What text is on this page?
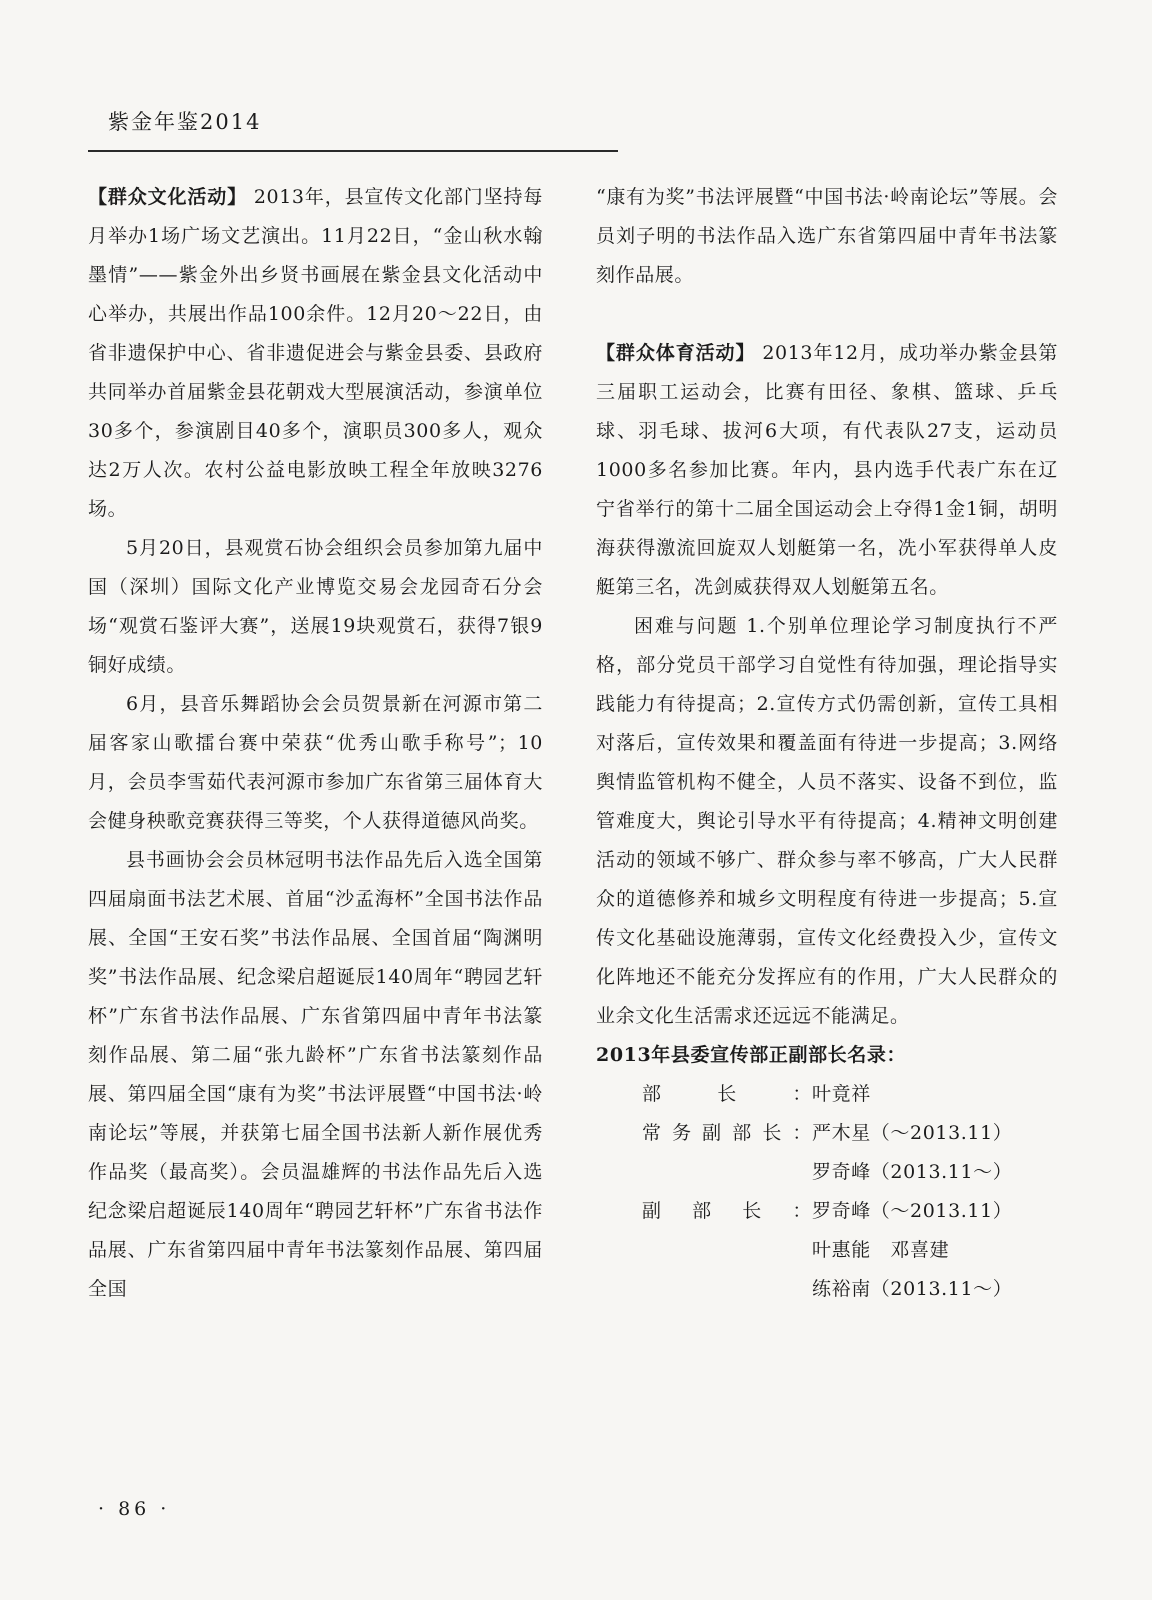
紫金年鉴2014

【群众文化活动】 2013年，县宣传文化部门坚持每月举办1场广场文艺演出。11月22日，“金山秋水翰墨情”——紫金外出乡贤书画展在紫金县文化活动中心举办，共展出作品100余件。12月20～22日，由省非遗保护中心、省非遗促进会与紫金县委、县政府共同举办首届紫金县花朝戏大型展演活动，参演单位30多个，参演剧目40多个，演职员300多人，观众达2万人次。农村公益电影放映工程全年放映3276场。

5月20日，县观赏石协会组织会员参加第九届中国（深圳）国际文化产业博览交易会龙园奇石分会场“观赏石鉴评大赛”，送展19块观赏石，获得7银9铜好成绩。

6月，县音乐舞蹈协会会员贺景新在河源市第二届客家山歌擂台赛中荣获“优秀山歌手称号”；10月，会员李雪茹代表河源市参加广东省第三届体育大会健身秧歌竞赛获得三等奖，个人获得道德风尚奖。

县书画协会会员林冠明书法作品先后入选全国第四届扇面书法艺术展、首届“沙孟海杯”全国书法作品展、全国“王安石奖”书法作品展、全国首届“陶渊明奖”书法作品展、纪念梁启超诞辰140周年“聘园艺轩杯”广东省书法作品展、广东省第四届中青年书法篆刻作品展、第二届“张九龄杯”广东省书法篆刻作品展、第四届全国“康有为奖”书法评展暨“中国书法·岭南论坛”等展，并获第七届全国书法新人新作展优秀作品奖（最高奖）。会员温雄辉的书法作品先后入选纪念梁启超诞辰140周年“聘园艺轩杯”广东省书法作品展、广东省第四届中青年书法篆刻作品展、第四届全国

“康有为奖”书法评展暨“中国书法·岭南论坛”等展。会员刘子明的书法作品入选广东省第四届中青年书法篆刻作品展。

【群众体育活动】 2013年12月，成功举办紫金县第三届职工运动会，比赛有田径、象棋、篮球、乒乓球、羽毛球、拔河6大项，有代表队27支，运动员1000多名参加比赛。年内，县内选手代表广东在辽宁省举行的第十二届全国运动会上夺得1金1铜，胡明海获得激流回旋双人划艇第一名，冼小军获得单人皮艇第三名，冼剑威获得双人划艇第五名。

困难与问题 1.个别单位理论学习制度执行不严格，部分党员干部学习自觉性有待加强，理论指导实践能力有待提高；2.宣传方式仍需创新，宣传工具相对落后，宣传效果和覆盖面有待进一步提高；3.网络舆情监管机构不健全，人员不落实、设备不到位，监管难度大，舆论引导水平有待提高；4.精神文明创建活动的领域不够广、群众参与率不够高，广大人民群众的道德修养和城乡文明程度有待进一步提高；5.宣传文化基础设施薄弱，宣传文化经费投入少，宣传文化阵地还不能充分发挥应有的作用，广大人民群众的业余文化生活需求还远远不能满足。

2013年县委宣传部正副部长名录：

部长： 叶竟祥
常务副部长： 严木星（～2013.11）
罗奇峰（2013.11～）
副部长： 罗奇峰（～2013.11）
叶惠能　邓喜建
练裕南（2013.11～）
· 86 ·
